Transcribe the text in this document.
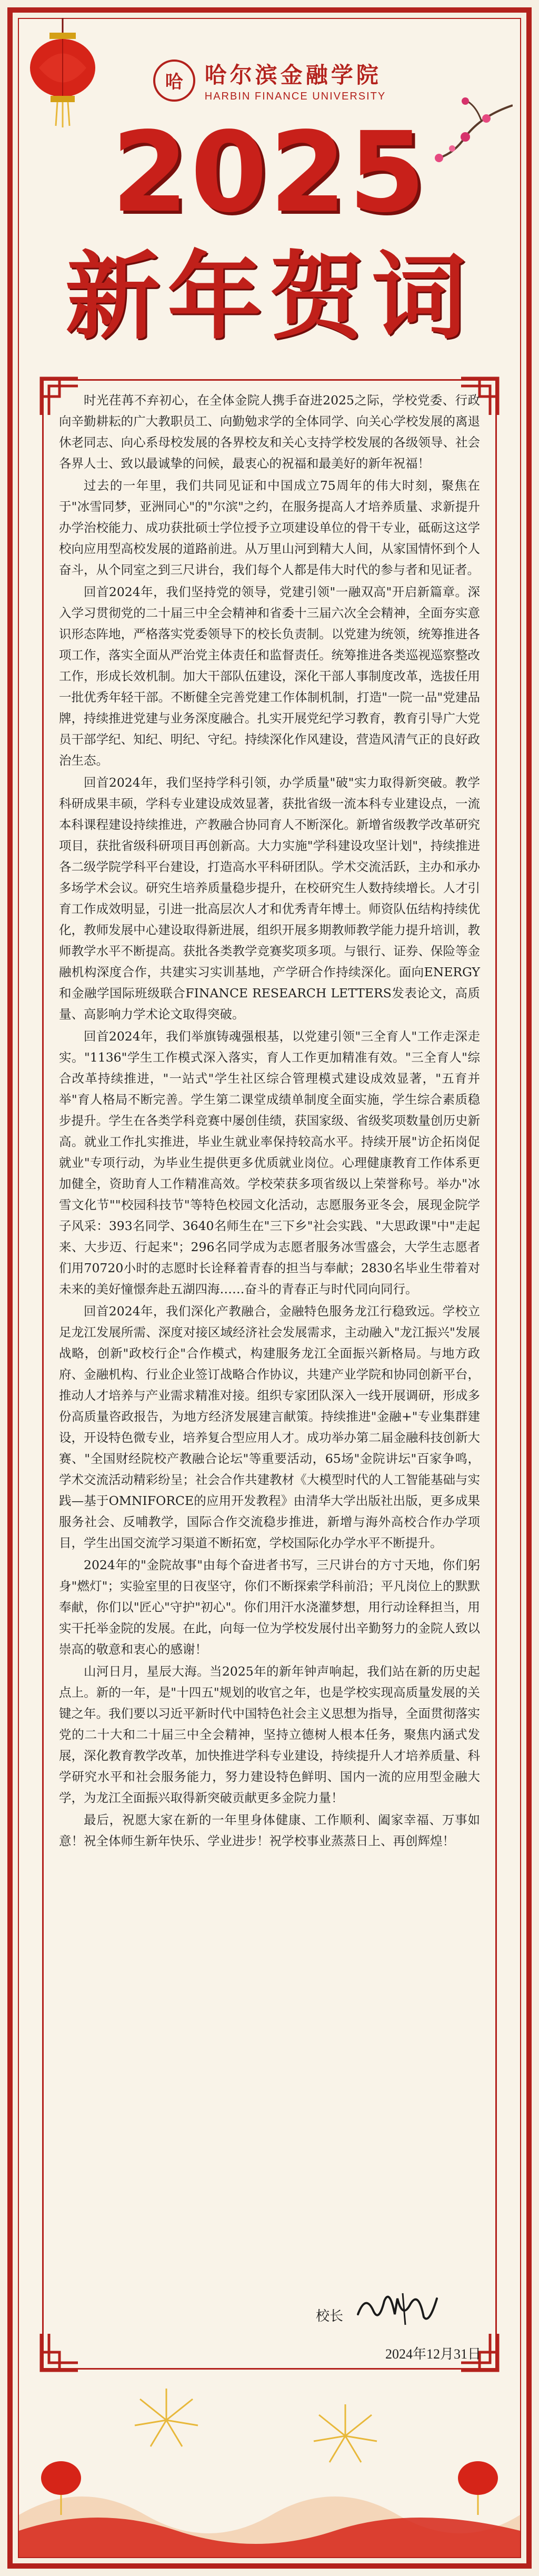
哈 哈尔滨金融学院
HARBIN FINANCE UNIVERSITY
2025
新年贺词

时光荏苒不弃初心，在全体金院人携手奋进2025之际，学校党委、行政向辛勤耕耘的广大教职员工、向勤勉求学的全体同学、向关心学校发展的离退休老同志、向心系母校发展的各界校友和关心支持学校发展的各级领导、社会各界人士、致以最诚挚的问候，最衷心的祝福和最美好的新年祝福！

过去的一年里，我们共同见证和中国成立75周年的伟大时刻，聚焦在于"冰雪同梦，亚洲同心"的"尔滨"之约，在服务提高人才培养质量、求新提升办学治校能力、成功获批硕士学位授予立项建设单位的骨干专业，砥砺这这学校向应用型高校发展的道路前进。从万里山河到精大人间，从家国情怀到个人奋斗，从个同室之到三尺讲台，我们每个人都是伟大时代的参与者和见证者。

回首2024年，我们坚持党的领导，党建引领"一融双高"开启新篇章。深入学习贯彻党的二十届三中全会精神和省委十三届六次全会精神，全面夯实意识形态阵地，严格落实党委领导下的校长负责制。以党建为统领，统筹推进各项工作，落实全面从严治党主体责任和监督责任。统筹推进各类巡视巡察整改工作，形成长效机制。加大干部队伍建设，深化干部人事制度改革，选拔任用一批优秀年轻干部。不断健全完善党建工作体制机制，打造"一院一品"党建品牌，持续推进党建与业务深度融合。扎实开展党纪学习教育，教育引导广大党员干部学纪、知纪、明纪、守纪。持续深化作风建设，营造风清气正的良好政治生态。

回首2024年，我们坚持学科引领，办学质量"破"实力取得新突破。教学科研成果丰硕，学科专业建设成效显著，获批省级一流本科专业建设点，一流本科课程建设持续推进，产教融合协同育人不断深化。新增省级教学改革研究项目，获批省级科研项目再创新高。大力实施"学科建设攻坚计划"，持续推进各二级学院学科平台建设，打造高水平科研团队。学术交流活跃，主办和承办多场学术会议。研究生培养质量稳步提升，在校研究生人数持续增长。人才引育工作成效明显，引进一批高层次人才和优秀青年博士。师资队伍结构持续优化，教师发展中心建设取得新进展，组织开展多期教师教学能力提升培训，教师教学水平不断提高。获批各类教学竞赛奖项多项。与银行、证券、保险等金融机构深度合作，共建实习实训基地，产学研合作持续深化。面向ENERGY和金融学国际班级联合FINANCE RESEARCH LETTERS发表论文，高质量、高影响力学术论文取得突破。

回首2024年，我们举旗铸魂强根基，以党建引领"三全育人"工作走深走实。"1136"学生工作模式深入落实，育人工作更加精准有效。"三全育人"综合改革持续推进，"一站式"学生社区综合管理模式建设成效显著，"五育并举"育人格局不断完善。学生第二课堂成绩单制度全面实施，学生综合素质稳步提升。学生在各类学科竞赛中屡创佳绩，获国家级、省级奖项数量创历史新高。就业工作扎实推进，毕业生就业率保持较高水平。持续开展"访企拓岗促就业"专项行动，为毕业生提供更多优质就业岗位。心理健康教育工作体系更加健全，资助育人工作精准高效。学校荣获多项省级以上荣誉称号。举办"冰雪文化节""校园科技节"等特色校园文化活动，志愿服务亚冬会，展现金院学子风采：393名同学、3640名师生在"三下乡"社会实践、"大思政课"中"走起来、大步迈、行起来"；296名同学成为志愿者服务冰雪盛会，大学生志愿者们用70720小时的志愿时长诠释着青春的担当与奉献；2830名毕业生带着对未来的美好憧憬奔赴五湖四海……奋斗的青春正与时代同向同行。

回首2024年，我们深化产教融合，金融特色服务龙江行稳致远。学校立足龙江发展所需、深度对接区域经济社会发展需求，主动融入"龙江振兴"发展战略，创新"政校行企"合作模式，构建服务龙江全面振兴新格局。与地方政府、金融机构、行业企业签订战略合作协议，共建产业学院和协同创新平台，推动人才培养与产业需求精准对接。组织专家团队深入一线开展调研，形成多份高质量咨政报告，为地方经济发展建言献策。持续推进"金融+"专业集群建设，开设特色微专业，培养复合型应用人才。成功举办第二届金融科技创新大赛、"全国财经院校产教融合论坛"等重要活动，65场"金院讲坛"百家争鸣，学术交流活动精彩纷呈；社会合作共建教材《大模型时代的人工智能基础与实践—基于OMNIFORCE的应用开发教程》由清华大学出版社出版，更多成果服务社会、反哺教学，国际合作交流稳步推进，新增与海外高校合作办学项目，学生出国交流学习渠道不断拓宽，学校国际化办学水平不断提升。

2024年的"金院故事"由每个奋进者书写，三尺讲台的方寸天地，你们躬身"燃灯"；实验室里的日夜坚守，你们不断探索学科前沿；平凡岗位上的默默奉献，你们以"匠心"守护"初心"。你们用汗水浇灌梦想，用行动诠释担当，用实干托举金院的发展。在此，向每一位为学校发展付出辛勤努力的金院人致以崇高的敬意和衷心的感谢！

山河日月，星辰大海。当2025年的新年钟声响起，我们站在新的历史起点上。新的一年，是"十四五"规划的收官之年，也是学校实现高质量发展的关键之年。我们要以习近平新时代中国特色社会主义思想为指导，全面贯彻落实党的二十大和二十届三中全会精神，坚持立德树人根本任务，聚焦内涵式发展，深化教育教学改革，加快推进学科专业建设，持续提升人才培养质量、科学研究水平和社会服务能力，努力建设特色鲜明、国内一流的应用型金融大学，为龙江全面振兴取得新突破贡献更多金院力量！

最后，祝愿大家在新的一年里身体健康、工作顺利、阖家幸福、万事如意！祝全体师生新年快乐、学业进步！祝学校事业蒸蒸日上、再创辉煌！

校长
2024年12月31日
